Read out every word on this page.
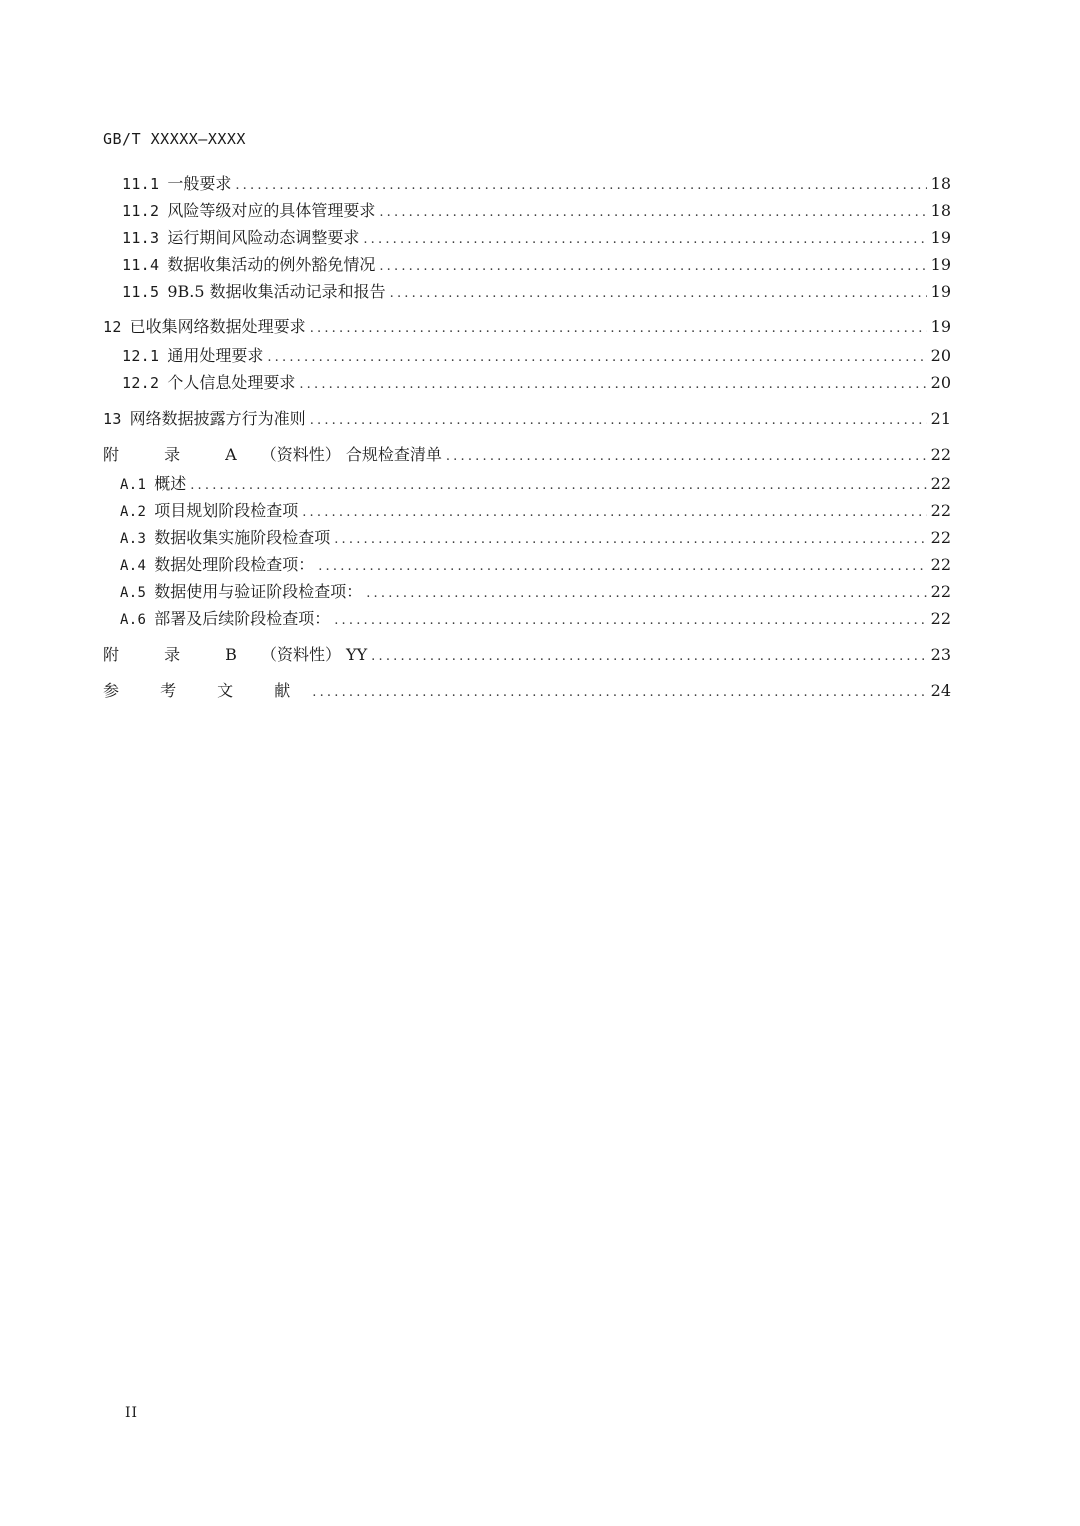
GB/T XXXXX—XXXX
11.1 一般要求 .....	18
11.2 风险等级对应的具体管理要求 .....	18
11.3 运行期间风险动态调整要求 .....	19
11.4 数据收集活动的例外豁免情况 .....	19
11.5 9B.5 数据收集活动记录和报告 .....	19
12 已收集网络数据处理要求 .....	19
12.1 通用处理要求 .....	20
12.2 个人信息处理要求 .....	20
13 网络数据披露方行为准则 .....	21
附 录 A （资料性） 合规检查清单 .....	22
A.1 概述 .....	22
A.2 项目规划阶段检查项 .....	22
A.3 数据收集实施阶段检查项 .....	22
A.4 数据处理阶段检查项： .....	22
A.5 数据使用与验证阶段检查项： .....	22
A.6 部署及后续阶段检查项： .....	22
附 录 B （资料性） YY .....	23
参 考 文 献 .....	24
II
